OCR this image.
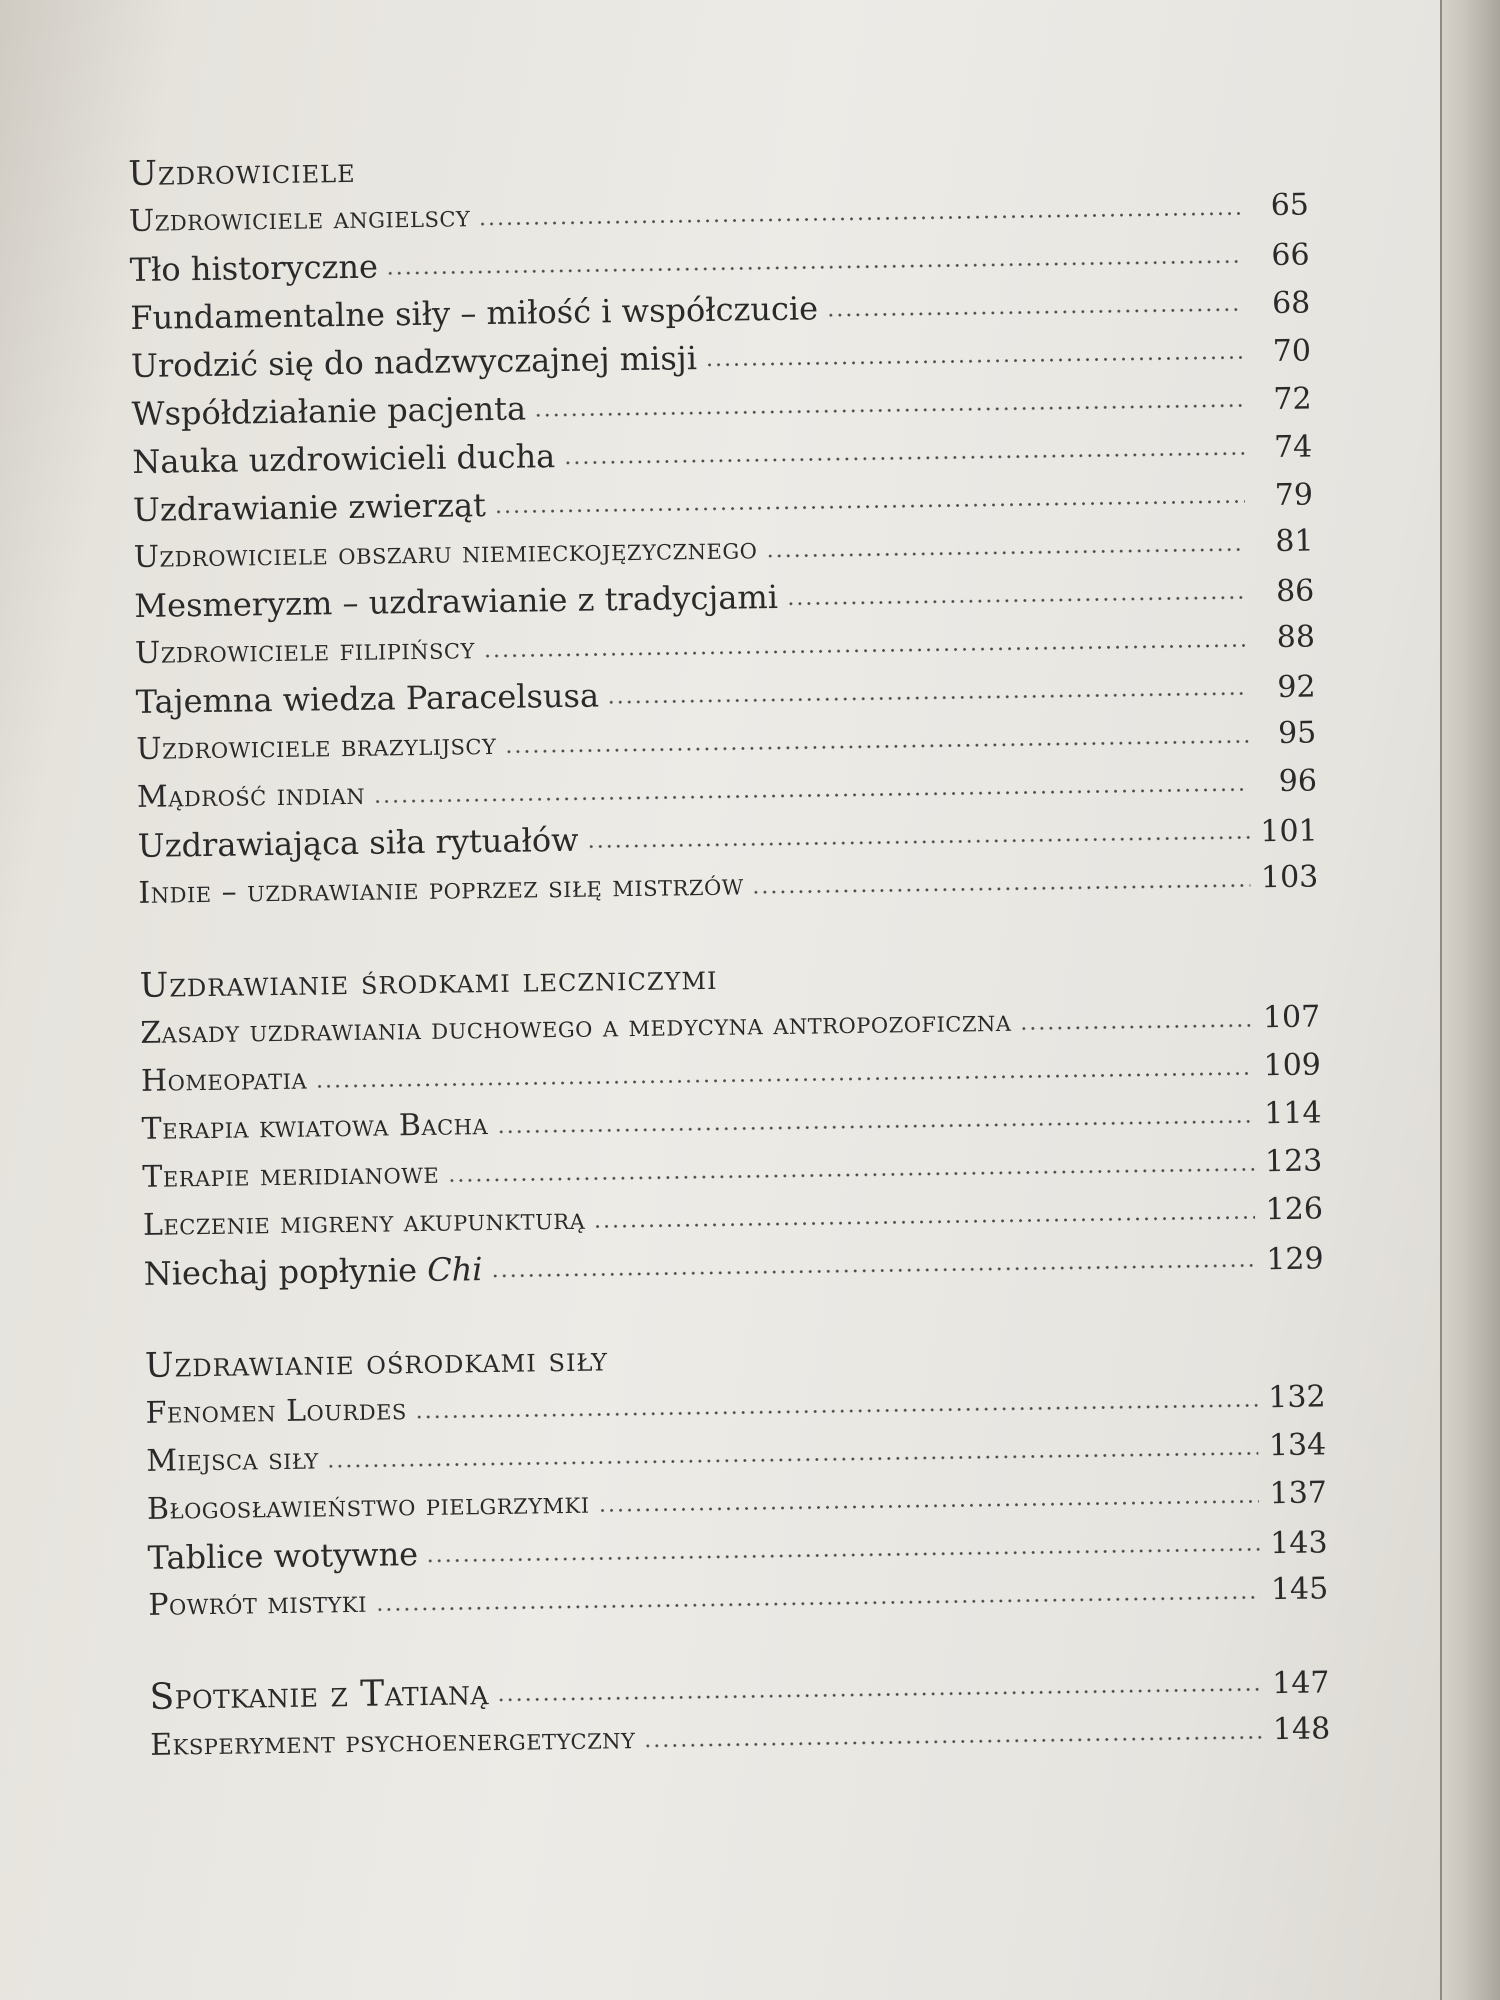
Uzdrowiciele
Uzdrowiciele angielscy	65
Tło historyczne	66
Fundamentalne siły – miłość i współczucie	68
Urodzić się do nadzwyczajnej misji	70
Współdziałanie pacjenta	72
Nauka uzdrowicieli ducha	74
Uzdrawianie zwierząt	79
Uzdrowiciele obszaru niemieckojęzycznego	81
Mesmeryzm – uzdrawianie z tradycjami	86
Uzdrowiciele filipińscy	88
Tajemna wiedza Paracelsusa	92
Uzdrowiciele brazylijscy	95
Mądrość indian	96
Uzdrawiająca siła rytuałów	101
Indie – uzdrawianie poprzez siłę mistrzów	103
Uzdrawianie środkami leczniczymi
Zasady uzdrawiania duchowego a medycyna antropozoficzna	107
Homeopatia	109
Terapia kwiatowa Bacha	114
Terapie meridianowe	123
Leczenie migreny akupunkturą	126
Niechaj popłynie Chi	129
Uzdrawianie ośrodkami siły
Fenomen Lourdes	132
Miejsca siły	134
Błogosławieństwo pielgrzymki	137
Tablice wotywne	143
Powrót mistyki	145
Spotkanie z Tatianą	147
Eksperyment psychoenergetyczny	148
